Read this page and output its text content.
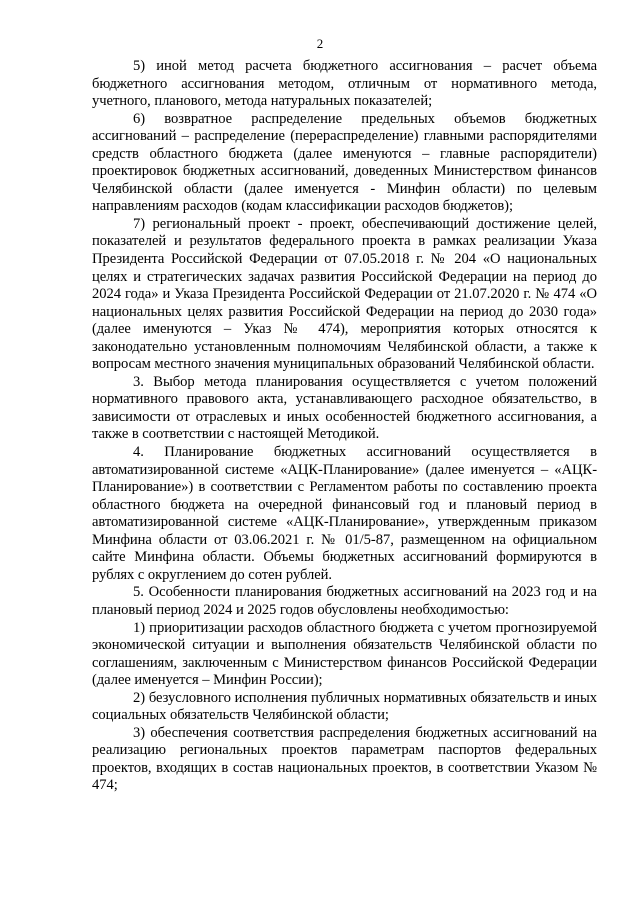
2

5) иной метод расчета бюджетного ассигнования – расчет объема бюджетного ассигнования методом, отличным от нормативного метода, учетного, планового, метода натуральных показателей;

6) возвратное распределение предельных объемов бюджетных ассигнований – распределение (перераспределение) главными распорядителями средств областного бюджета (далее именуются – главные распорядители) проектировок бюджетных ассигнований, доведенных Министерством финансов Челябинской области (далее именуется - Минфин области) по целевым направлениям расходов (кодам классификации расходов бюджетов);

7) региональный проект - проект, обеспечивающий достижение целей, показателей и результатов федерального проекта в рамках реализации Указа Президента Российской Федерации от 07.05.2018 г. № 204 «О национальных целях и стратегических задачах развития Российской Федерации на период до 2024 года» и Указа Президента Российской Федерации от 21.07.2020 г. № 474 «О национальных целях развития Российской Федерации на период до 2030 года» (далее именуются – Указ № 474), мероприятия которых относятся к законодательно установленным полномочиям Челябинской области, а также к вопросам местного значения муниципальных образований Челябинской области.

3. Выбор метода планирования осуществляется с учетом положений нормативного правового акта, устанавливающего расходное обязательство, в зависимости от отраслевых и иных особенностей бюджетного ассигнования, а также в соответствии с настоящей Методикой.

4. Планирование бюджетных ассигнований осуществляется в автоматизированной системе «АЦК-Планирование» (далее именуется – «АЦК-Планирование») в соответствии с Регламентом работы по составлению проекта областного бюджета на очередной финансовый год и плановый период в автоматизированной системе «АЦК-Планирование», утвержденным приказом Минфина области от 03.06.2021 г. № 01/5-87, размещенном на официальном сайте Минфина области. Объемы бюджетных ассигнований формируются в рублях с округлением до сотен рублей.

5. Особенности планирования бюджетных ассигнований на 2023 год и на плановый период 2024 и 2025 годов обусловлены необходимостью:

1) приоритизации расходов областного бюджета с учетом прогнозируемой экономической ситуации и выполнения обязательств Челябинской области по соглашениям, заключенным с Министерством финансов Российской Федерации (далее именуется – Минфин России);

2) безусловного исполнения публичных нормативных обязательств и иных социальных обязательств Челябинской области;

3) обеспечения соответствия распределения бюджетных ассигнований на реализацию региональных проектов параметрам паспортов федеральных проектов, входящих в состав национальных проектов, в соответствии Указом № 474;
